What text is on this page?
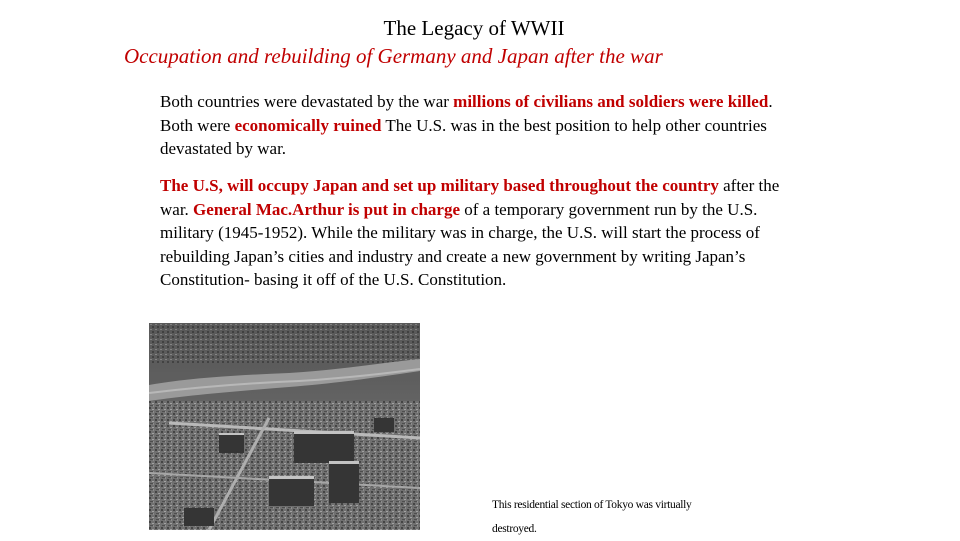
The Legacy of WWII
Occupation and rebuilding of Germany and Japan after the war

Both countries were devastated by the war millions of civilians and soldiers were killed. Both were economically ruined The U.S. was in the best position to help other countries devastated by war.

The U.S, will occupy Japan and set up military based throughout the country after the war. General Mac.Arthur is put in charge of a temporary government run by the U.S. military (1945-1952). While the military was in charge, the U.S. will start the process of rebuilding Japan’s cities and industry and create a new government by writing Japan’s Constitution- basing it off of the U.S. Constitution.

This residential section of Tokyo was virtually destroyed.
